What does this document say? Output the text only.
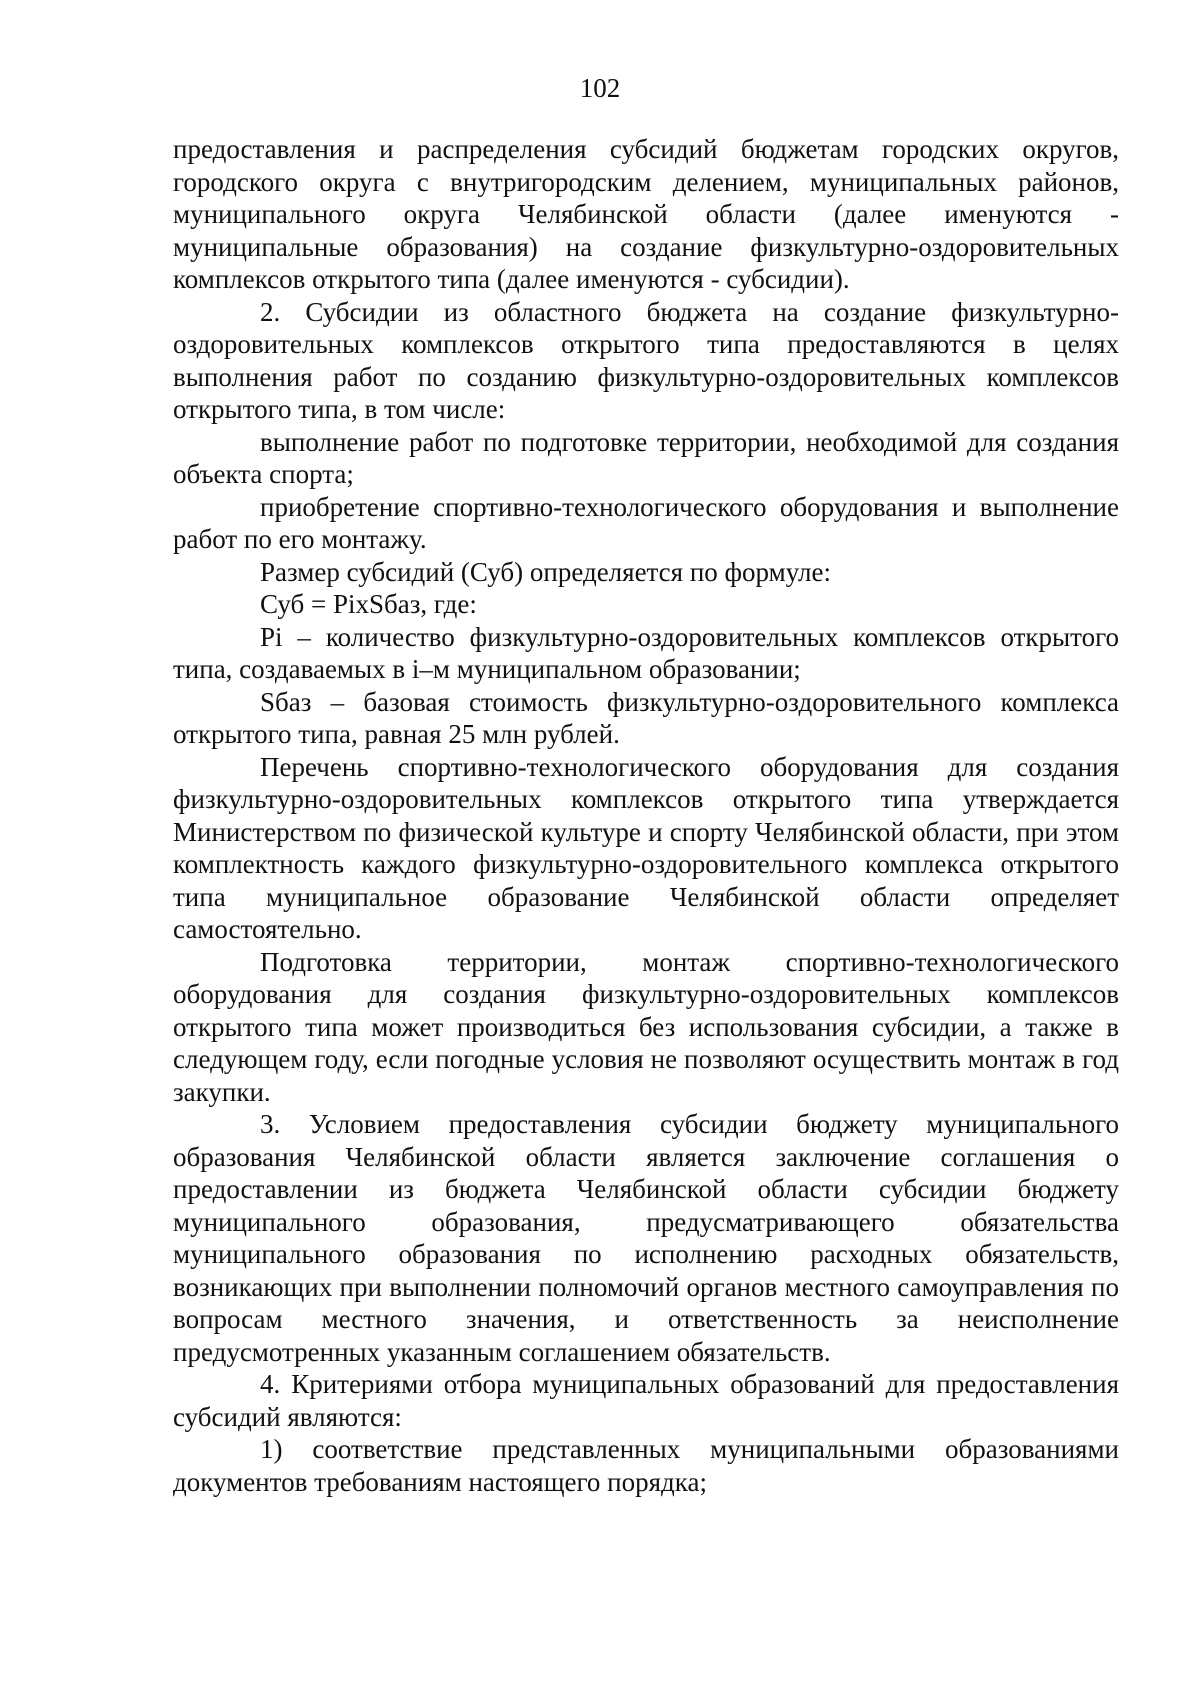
102

предоставления и распределения субсидий бюджетам городских округов, городского округа с внутригородским делением, муниципальных районов, муниципального округа Челябинской области (далее именуются - муниципальные образования) на создание физкультурно-оздоровительных комплексов открытого типа (далее именуются - субсидии).

2. Субсидии из областного бюджета на создание физкультурно-оздоровительных комплексов открытого типа предоставляются в целях выполнения работ по созданию физкультурно-оздоровительных комплексов открытого типа, в том числе:

выполнение работ по подготовке территории, необходимой для создания объекта спорта;

приобретение спортивно-технологического оборудования и выполнение работ по его монтажу.

Размер субсидий (Суб) определяется по формуле:

Суб = PixSбаз, где:

Pi – количество физкультурно-оздоровительных комплексов открытого типа, создаваемых в i–м муниципальном образовании;

Sбаз – базовая стоимость физкультурно-оздоровительного комплекса открытого типа, равная 25 млн рублей.

Перечень спортивно-технологического оборудования для создания физкультурно-оздоровительных комплексов открытого типа утверждается Министерством по физической культуре и спорту Челябинской области, при этом комплектность каждого физкультурно-оздоровительного комплекса открытого типа муниципальное образование Челябинской области определяет самостоятельно.

Подготовка территории, монтаж спортивно-технологического оборудования для создания физкультурно-оздоровительных комплексов открытого типа может производиться без использования субсидии, а также в следующем году, если погодные условия не позволяют осуществить монтаж в год закупки.

3. Условием предоставления субсидии бюджету муниципального образования Челябинской области является заключение соглашения о предоставлении из бюджета Челябинской области субсидии бюджету муниципального образования, предусматривающего обязательства муниципального образования по исполнению расходных обязательств, возникающих при выполнении полномочий органов местного самоуправления по вопросам местного значения, и ответственность за неисполнение предусмотренных указанным соглашением обязательств.

4. Критериями отбора муниципальных образований для предоставления субсидий являются:

1) соответствие представленных муниципальными образованиями документов требованиям настоящего порядка;
